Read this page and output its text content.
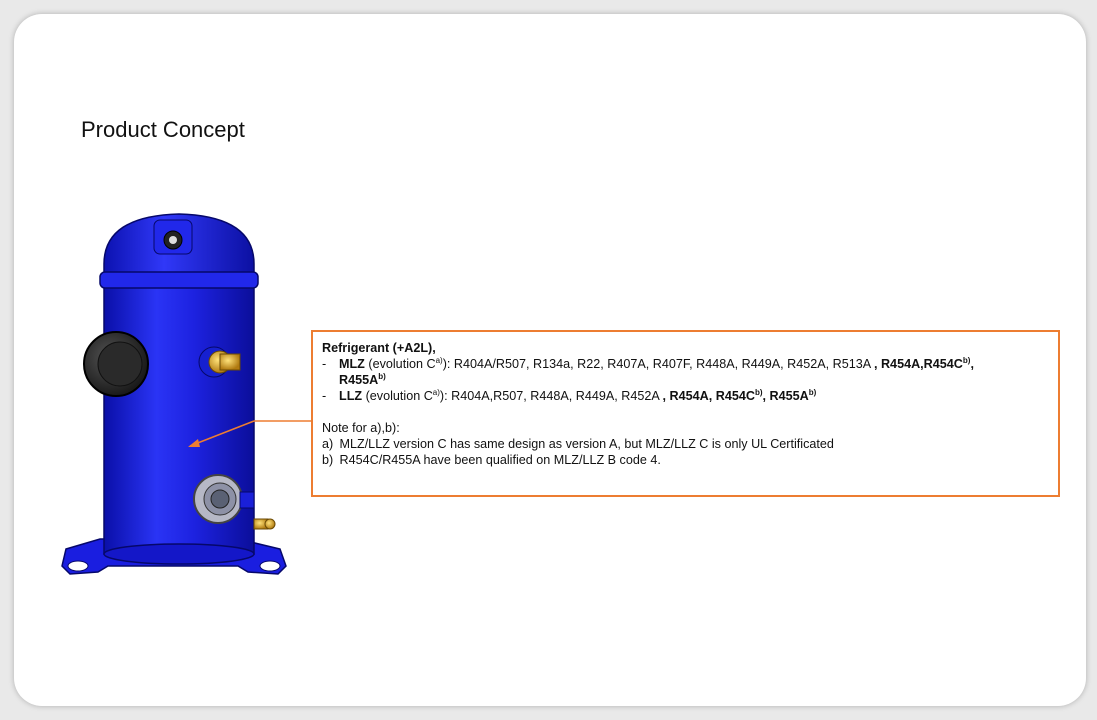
Product Concept
Refrigerant (+A2L),
- MLZ (evolution $C^{a)}$): R404A/R507, R134a, R22, R407A, R407F, R448A, R449A, R452A, R513A , $R454A,R454C^{b)}$,
$R455A^{b)}$
- LLZ (evolution $C^{a)}$): R404A,R507, R448A, R449A, R452A , R454A, $R454C^{b)}$, $R455A^{b)}$
Note for a),b):
a) MLZ/LLZ version C has same design as version A, but MLZ/LLZ C is only UL Certificated
b) R454C/R455A have been qualified on MLZ/LLZ B code 4.
